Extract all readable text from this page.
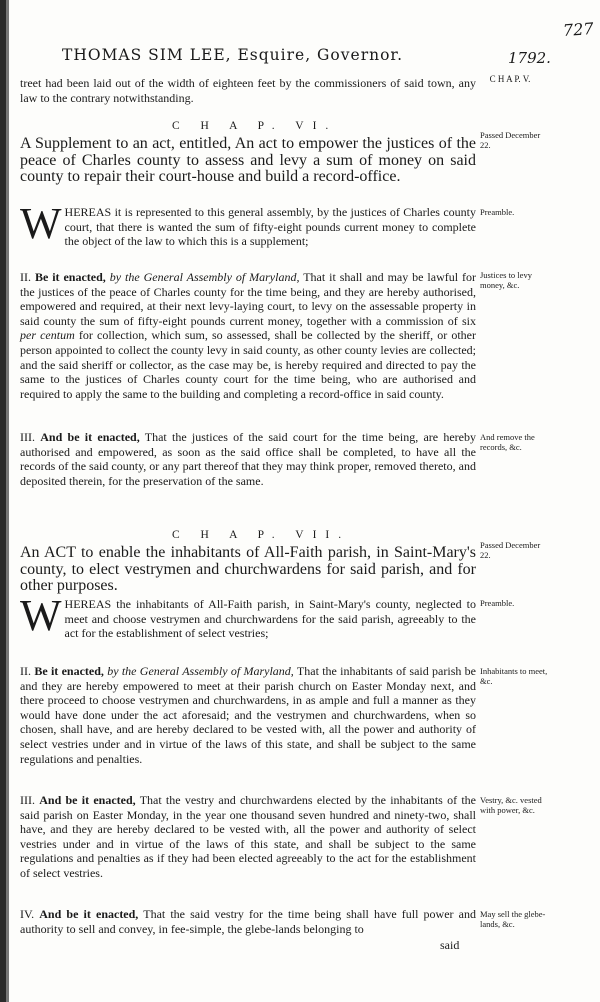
727
THOMAS SIM LEE, Esquire, Governor.	1792.
treet had been laid out of the width of eighteen feet by the commissioners of said town, any law to the contrary notwithstanding.
C H A P. V.
C H A P. VI.
A Supplement to an act, entitled, An act to empower the justices of the peace of Charles county to assess and levy a sum of money on said county to repair their court-house and build a record-office.
Passed December 22.
WHEREAS it is represented to this general assembly, by the justices of Charles county court, that there is wanted the sum of fifty-eight pounds current money to complete the object of the law to which this is a supplement;
Preamble.
II. Be it enacted, by the General Assembly of Maryland, That it shall and may be lawful for the justices of the peace of Charles county for the time being, and they are hereby authorised, empowered and required, at their next levy-laying court, to levy on the assessable property in said county the sum of fifty-eight pounds current money, together with a commission of six per centum for collection, which sum, so assessed, shall be collected by the sheriff, or other person appointed to collect the county levy in said county, as other county levies are collected; and the said sheriff or collector, as the case may be, is hereby required and directed to pay the same to the justices of Charles county court for the time being, who are authorised and required to apply the same to the building and completing a record-office in said county.
Justices to levy money, &c.
III. And be it enacted, That the justices of the said court for the time being, are hereby authorised and empowered, as soon as the said office shall be completed, to have all the records of the said county, or any part thereof that they may think proper, removed thereto, and deposited therein, for the preservation of the same.
And remove the records, &c.
C H A P. VII.
An ACT to enable the inhabitants of All-Faith parish, in Saint-Mary's county, to elect vestrymen and churchwardens for said parish, and for other purposes.
Passed December 22.
WHEREAS the inhabitants of All-Faith parish, in Saint-Mary's county, neglected to meet and choose vestrymen and churchwardens for the said parish, agreeably to the act for the establishment of select vestries;
Preamble.
II. Be it enacted, by the General Assembly of Maryland, That the inhabitants of said parish be and they are hereby empowered to meet at their parish church on Easter Monday next, and there proceed to choose vestrymen and churchwardens, in as ample and full a manner as they would have done under the act aforesaid; and the vestrymen and churchwardens, when so chosen, shall have, and are hereby declared to be vested with, all the power and authority of select vestries under and in virtue of the laws of this state, and shall be subject to the same regulations and penalties.
Inhabitants to meet, &c.
III. And be it enacted, That the vestry and churchwardens elected by the inhabitants of the said parish on Easter Monday, in the year one thousand seven hundred and ninety-two, shall have, and they are hereby declared to be vested with, all the power and authority of select vestries under and in virtue of the laws of this state, and shall be subject to the same regulations and penalties as if they had been elected agreeably to the act for the establishment of select vestries.
Vestry, &c. vested with power, &c.
IV. And be it enacted, That the said vestry for the time being shall have full power and authority to sell and convey, in fee-simple, the glebe-lands belonging to
May sell the glebe-lands, &c.
said
